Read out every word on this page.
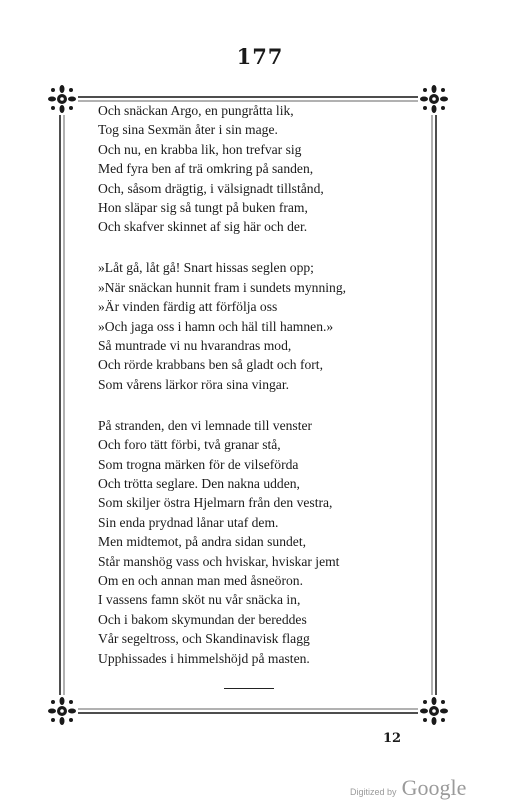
177
Och snäckan Argo, en pungråtta lik,
Tog sina Sexmän åter i sin mage.
Och nu, en krabba lik, hon trefvar sig
Med fyra ben af trä omkring på sanden,
Och, såsom drägtig, i välsignadt tillstånd,
Hon släpar sig så tungt på buken fram,
Och skafver skinnet af sig här och der.
»Låt gå, låt gå! Snart hissas seglen opp;
»När snäckan hunnit fram i sundets mynning,
»Är vinden färdig att förfölja oss
»Och jaga oss i hamn och häl till hamnen.»
Så muntrade vi nu hvarandras mod,
Och rörde krabbans ben så gladt och fort,
Som vårens lärkor röra sina vingar.
På stranden, den vi lemnade till venster
Och foro tätt förbi, två granar stå,
Som trogna märken för de vilseförda
Och trötta seglare. Den nakna udden,
Som skiljer östra Hjelmarn från den vestra,
Sin enda prydnad lånar utaf dem.
Men midtemot, på andra sidan sundet,
Står manshög vass och hviskar, hviskar jemt
Om en och annan man med åsneöron.
I vassens famn sköt nu vår snäcka in,
Och i bakom skymundan der bereddes
Vår segeltross, och Skandinavisk flagg
Upphissades i himmelshöjd på masten.
12
Digitized by Google
